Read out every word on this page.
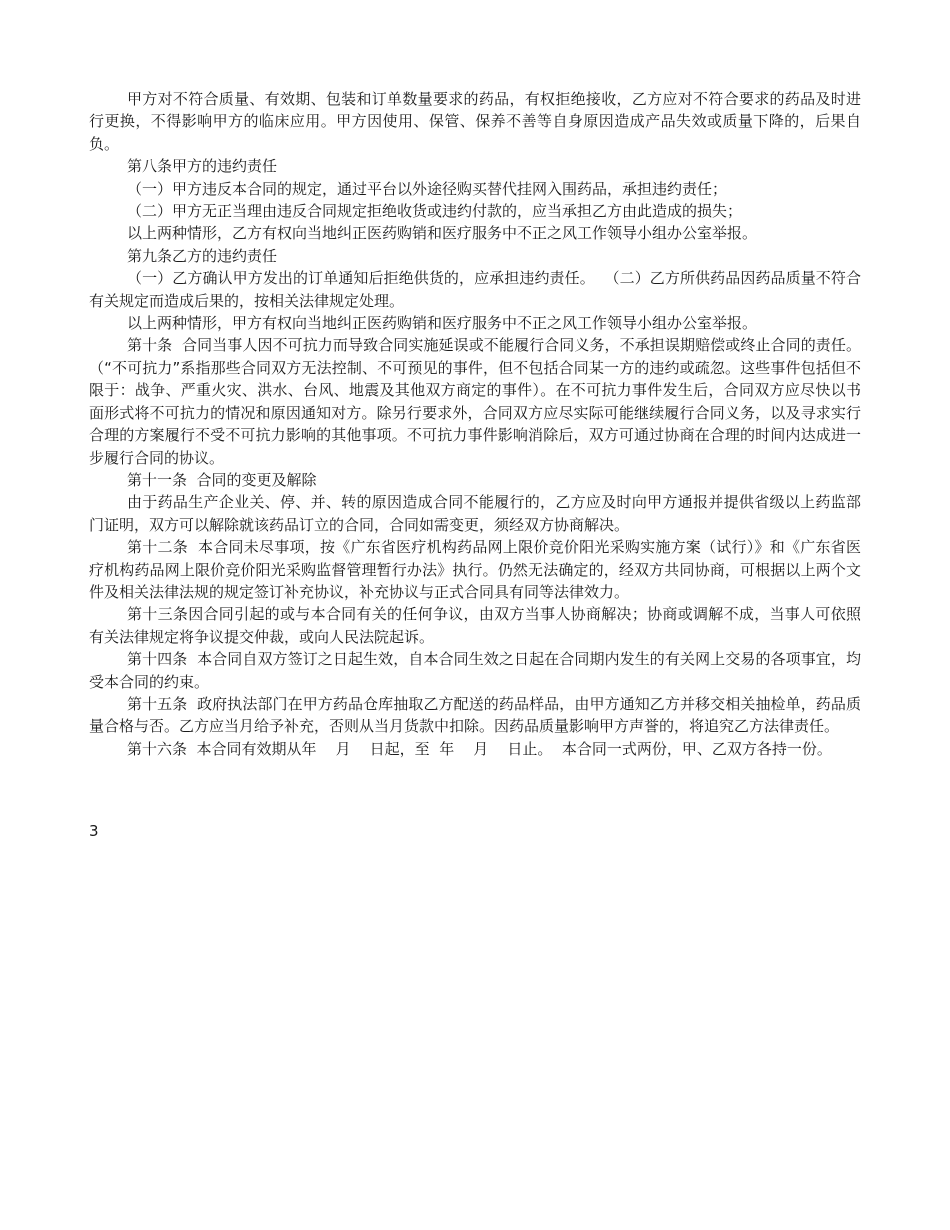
甲方对不符合质量、有效期、包装和订单数量要求的药品，有权拒绝接收，乙方应对不符合要求的药品及时进行更换，不得影响甲方的临床应用。甲方因使用、保管、保养不善等自身原因造成产品失效或质量下降的，后果自负。

第八条甲方的违约责任

（一）甲方违反本合同的规定，通过平台以外途径购买替代挂网入围药品，承担违约责任；

（二）甲方无正当理由违反合同规定拒绝收货或违约付款的，应当承担乙方由此造成的损失；

以上两种情形，乙方有权向当地纠正医药购销和医疗服务中不正之风工作领导小组办公室举报。

第九条乙方的违约责任

（一）乙方确认甲方发出的订单通知后拒绝供货的，应承担违约责任。  （二）乙方所供药品因药品质量不符合有关规定而造成后果的，按相关法律规定处理。

以上两种情形，甲方有权向当地纠正医药购销和医疗服务中不正之风工作领导小组办公室举报。

第十条  合同当事人因不可抗力而导致合同实施延误或不能履行合同义务，不承担误期赔偿或终止合同的责任。（“不可抗力”系指那些合同双方无法控制、不可预见的事件，但不包括合同某一方的违约或疏忽。这些事件包括但不限于：战争、严重火灾、洪水、台风、地震及其他双方商定的事件）。在不可抗力事件发生后，合同双方应尽快以书面形式将不可抗力的情况和原因通知对方。除另行要求外，合同双方应尽实际可能继续履行合同义务，以及寻求实行合理的方案履行不受不可抗力影响的其他事项。不可抗力事件影响消除后，双方可通过协商在合理的时间内达成进一步履行合同的协议。

第十一条  合同的变更及解除

由于药品生产企业关、停、并、转的原因造成合同不能履行的，乙方应及时向甲方通报并提供省级以上药监部门证明，双方可以解除就该药品订立的合同，合同如需变更，须经双方协商解决。

第十二条  本合同未尽事项，按《广东省医疗机构药品网上限价竞价阳光采购实施方案（试行）》和《广东省医疗机构药品网上限价竞价阳光采购监督管理暂行办法》执行。仍然无法确定的，经双方共同协商，可根据以上两个文件及相关法律法规的规定签订补充协议，补充协议与正式合同具有同等法律效力。

第十三条因合同引起的或与本合同有关的任何争议，由双方当事人协商解决；协商或调解不成，当事人可依照有关法律规定将争议提交仲裁，或向人民法院起诉。

第十四条  本合同自双方签订之日起生效，自本合同生效之日起在合同期内发生的有关网上交易的各项事宜，均受本合同的约束。

第十五条  政府执法部门在甲方药品仓库抽取乙方配送的药品样品，由甲方通知乙方并移交相关抽检单，药品质量合格与否。乙方应当月给予补充，否则从当月货款中扣除。因药品质量影响甲方声誉的，将追究乙方法律责任。

第十六条  本合同有效期从年    月    日起，至  年    月    日止。  本合同一式两份，甲、乙双方各持一份。

3
